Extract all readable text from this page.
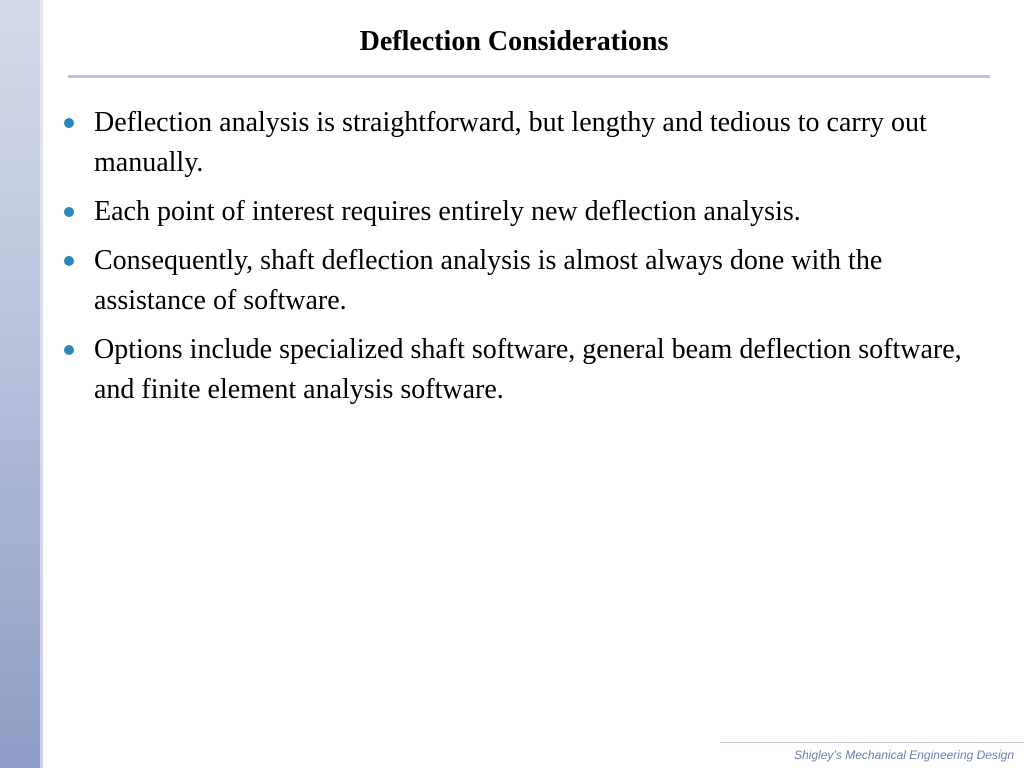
Deflection Considerations
Deflection analysis is straightforward, but lengthy and tedious to carry out manually.
Each point of interest requires entirely new deflection analysis.
Consequently, shaft deflection analysis is almost always done with the assistance of software.
Options include specialized shaft software, general beam deflection software, and finite element analysis software.
Shigley’s Mechanical Engineering Design
